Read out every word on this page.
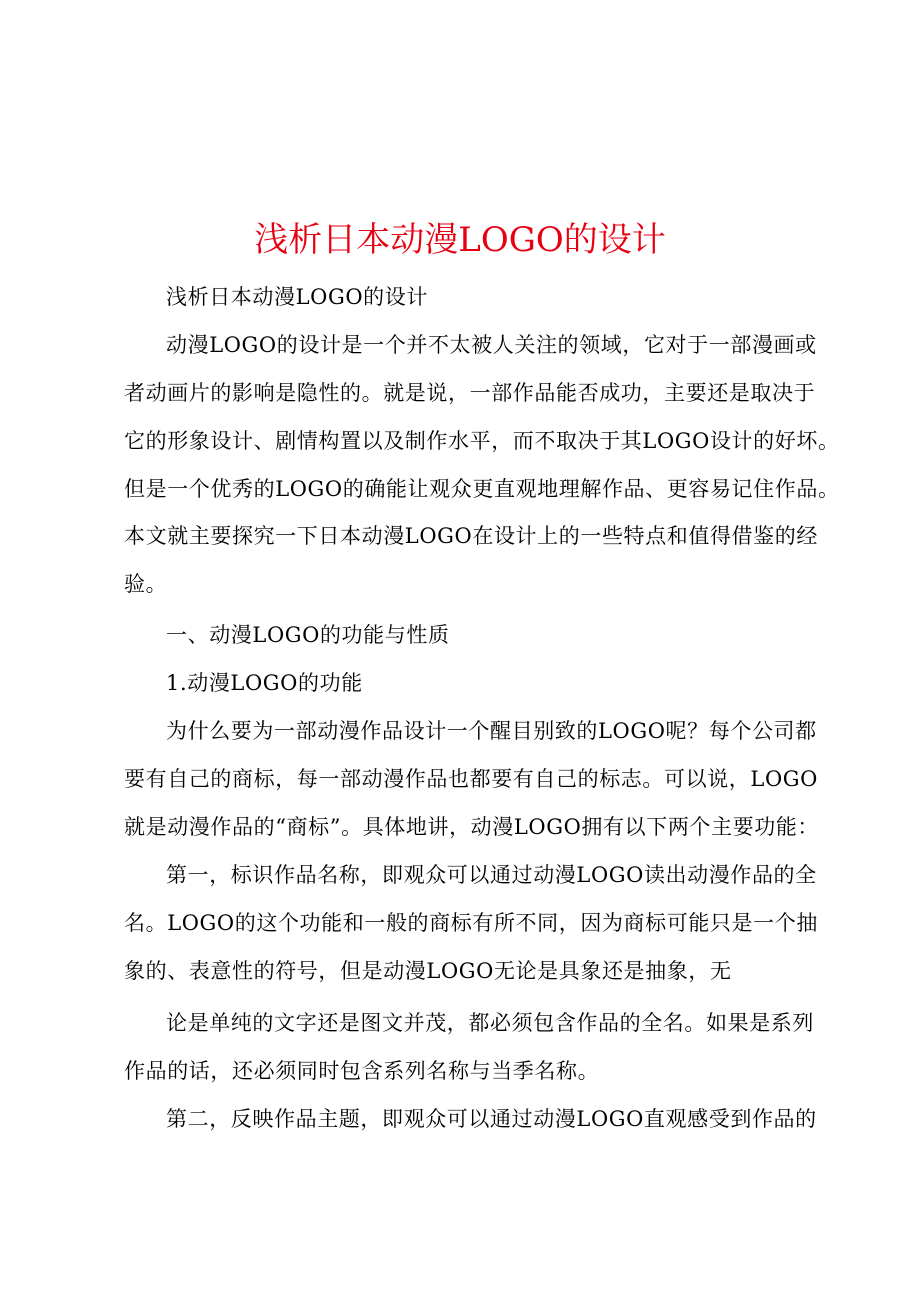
浅析日本动漫LOGO的设计
浅析日本动漫LOGO的设计
动漫LOGO的设计是一个并不太被人关注的领域，它对于一部漫画或
者动画片的影响是隐性的。就是说，一部作品能否成功，主要还是取决于
它的形象设计、剧情构置以及制作水平，而不取决于其LOGO设计的好坏。
但是一个优秀的LOGO的确能让观众更直观地理解作品、更容易记住作品。
本文就主要探究一下日本动漫LOGO在设计上的一些特点和值得借鉴的经
验。
一、动漫LOGO的功能与性质
1.动漫LOGO的功能
为什么要为一部动漫作品设计一个醒目别致的LOGO呢？每个公司都
要有自己的商标，每一部动漫作品也都要有自己的标志。可以说，LOGO
就是动漫作品的“商标”。具体地讲，动漫LOGO拥有以下两个主要功能：
第一，标识作品名称，即观众可以通过动漫LOGO读出动漫作品的全
名。LOGO的这个功能和一般的商标有所不同，因为商标可能只是一个抽
象的、表意性的符号，但是动漫LOGO无论是具象还是抽象，无
论是单纯的文字还是图文并茂，都必须包含作品的全名。如果是系列
作品的话，还必须同时包含系列名称与当季名称。
第二，反映作品主题，即观众可以通过动漫LOGO直观感受到作品的
